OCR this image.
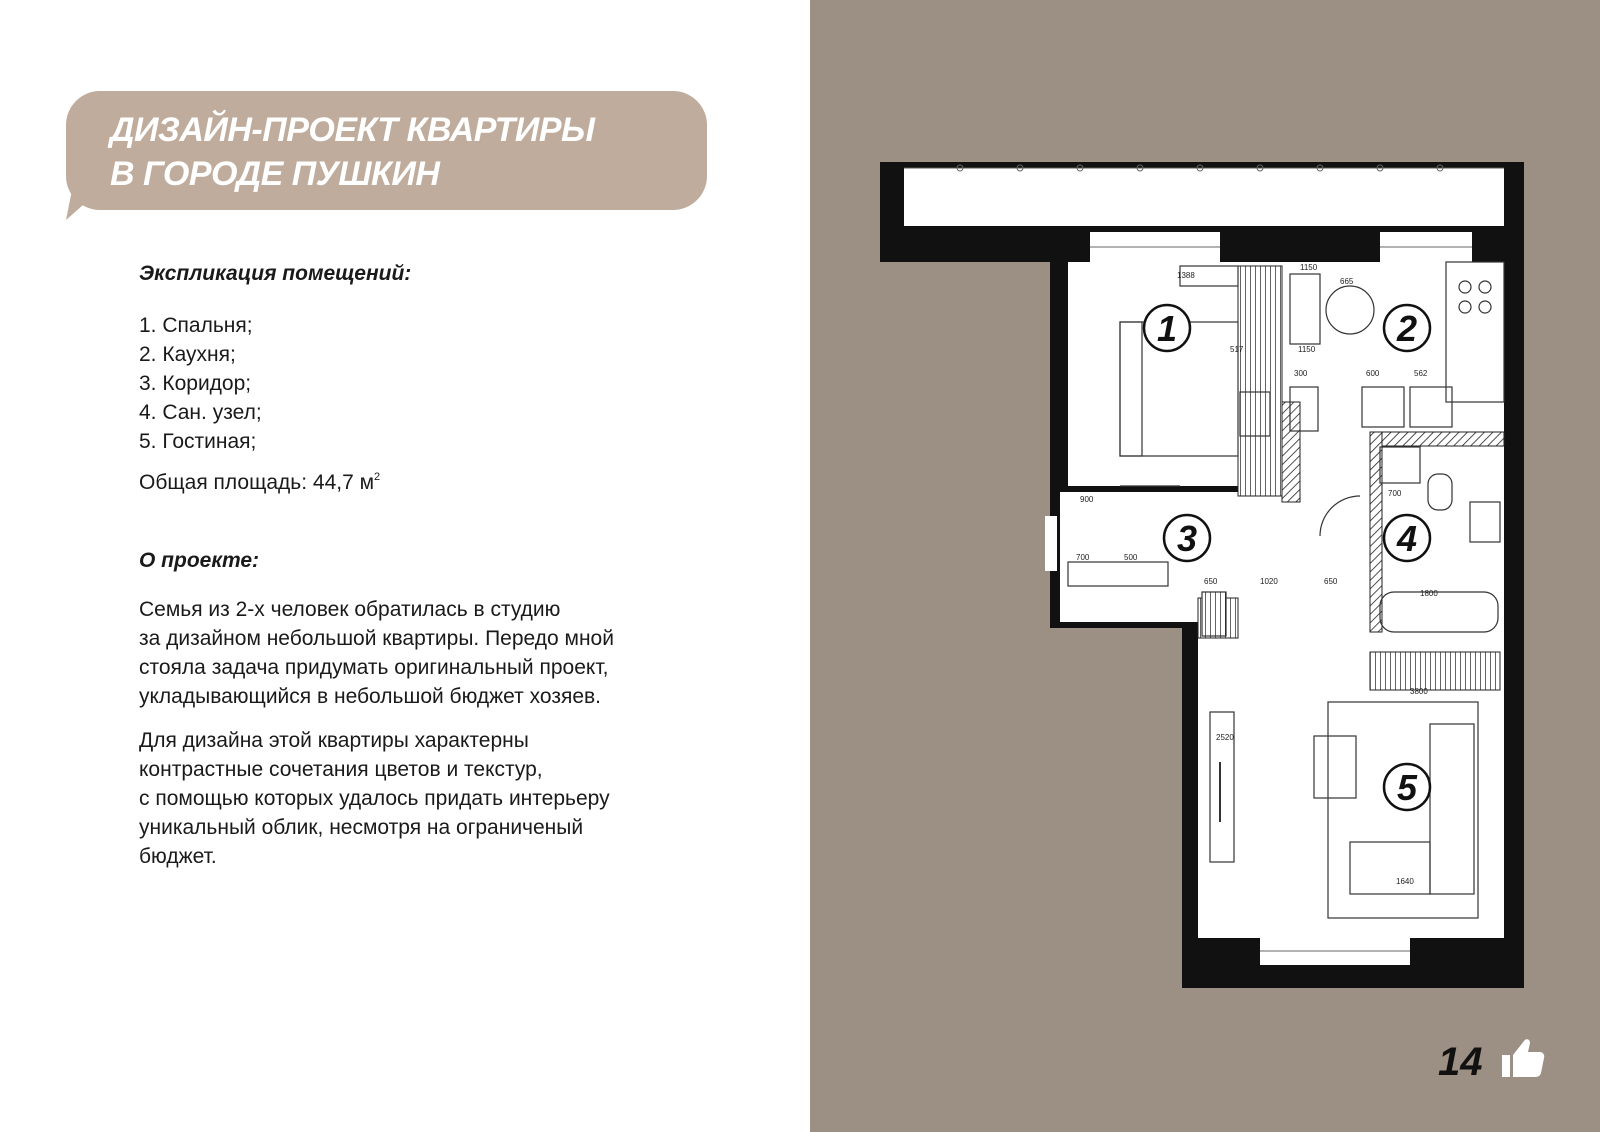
ДИЗАЙН-ПРОЕКТ КВАРТИРЫ
В ГОРОДЕ ПУШКИН
Экспликация помещений:
1. Спальня;
2. Каухня;
3. Коридор;
4. Сан. узел;
5. Гостиная;
Общая площадь: 44,7 $м^2$
О проекте:

Семья из 2-х человек обратилась в студию
за дизайном небольшой квартиры. Передо мной
стояла задача придумать оригинальный проект,
укладывающийся в небольшой бюджет хозяев.

Для дизайна этой квартиры характерны
контрастные сочетания цветов и текстур,
с помощью которых удалось придать интерьеру
уникальный облик, несмотря на ограниченый
бюджет.

1388
517
1150
665
1150
600	562
300
900
700	500
650	1020	650
700
1800
3800
2520
1640
1	2
3	4
5
14
